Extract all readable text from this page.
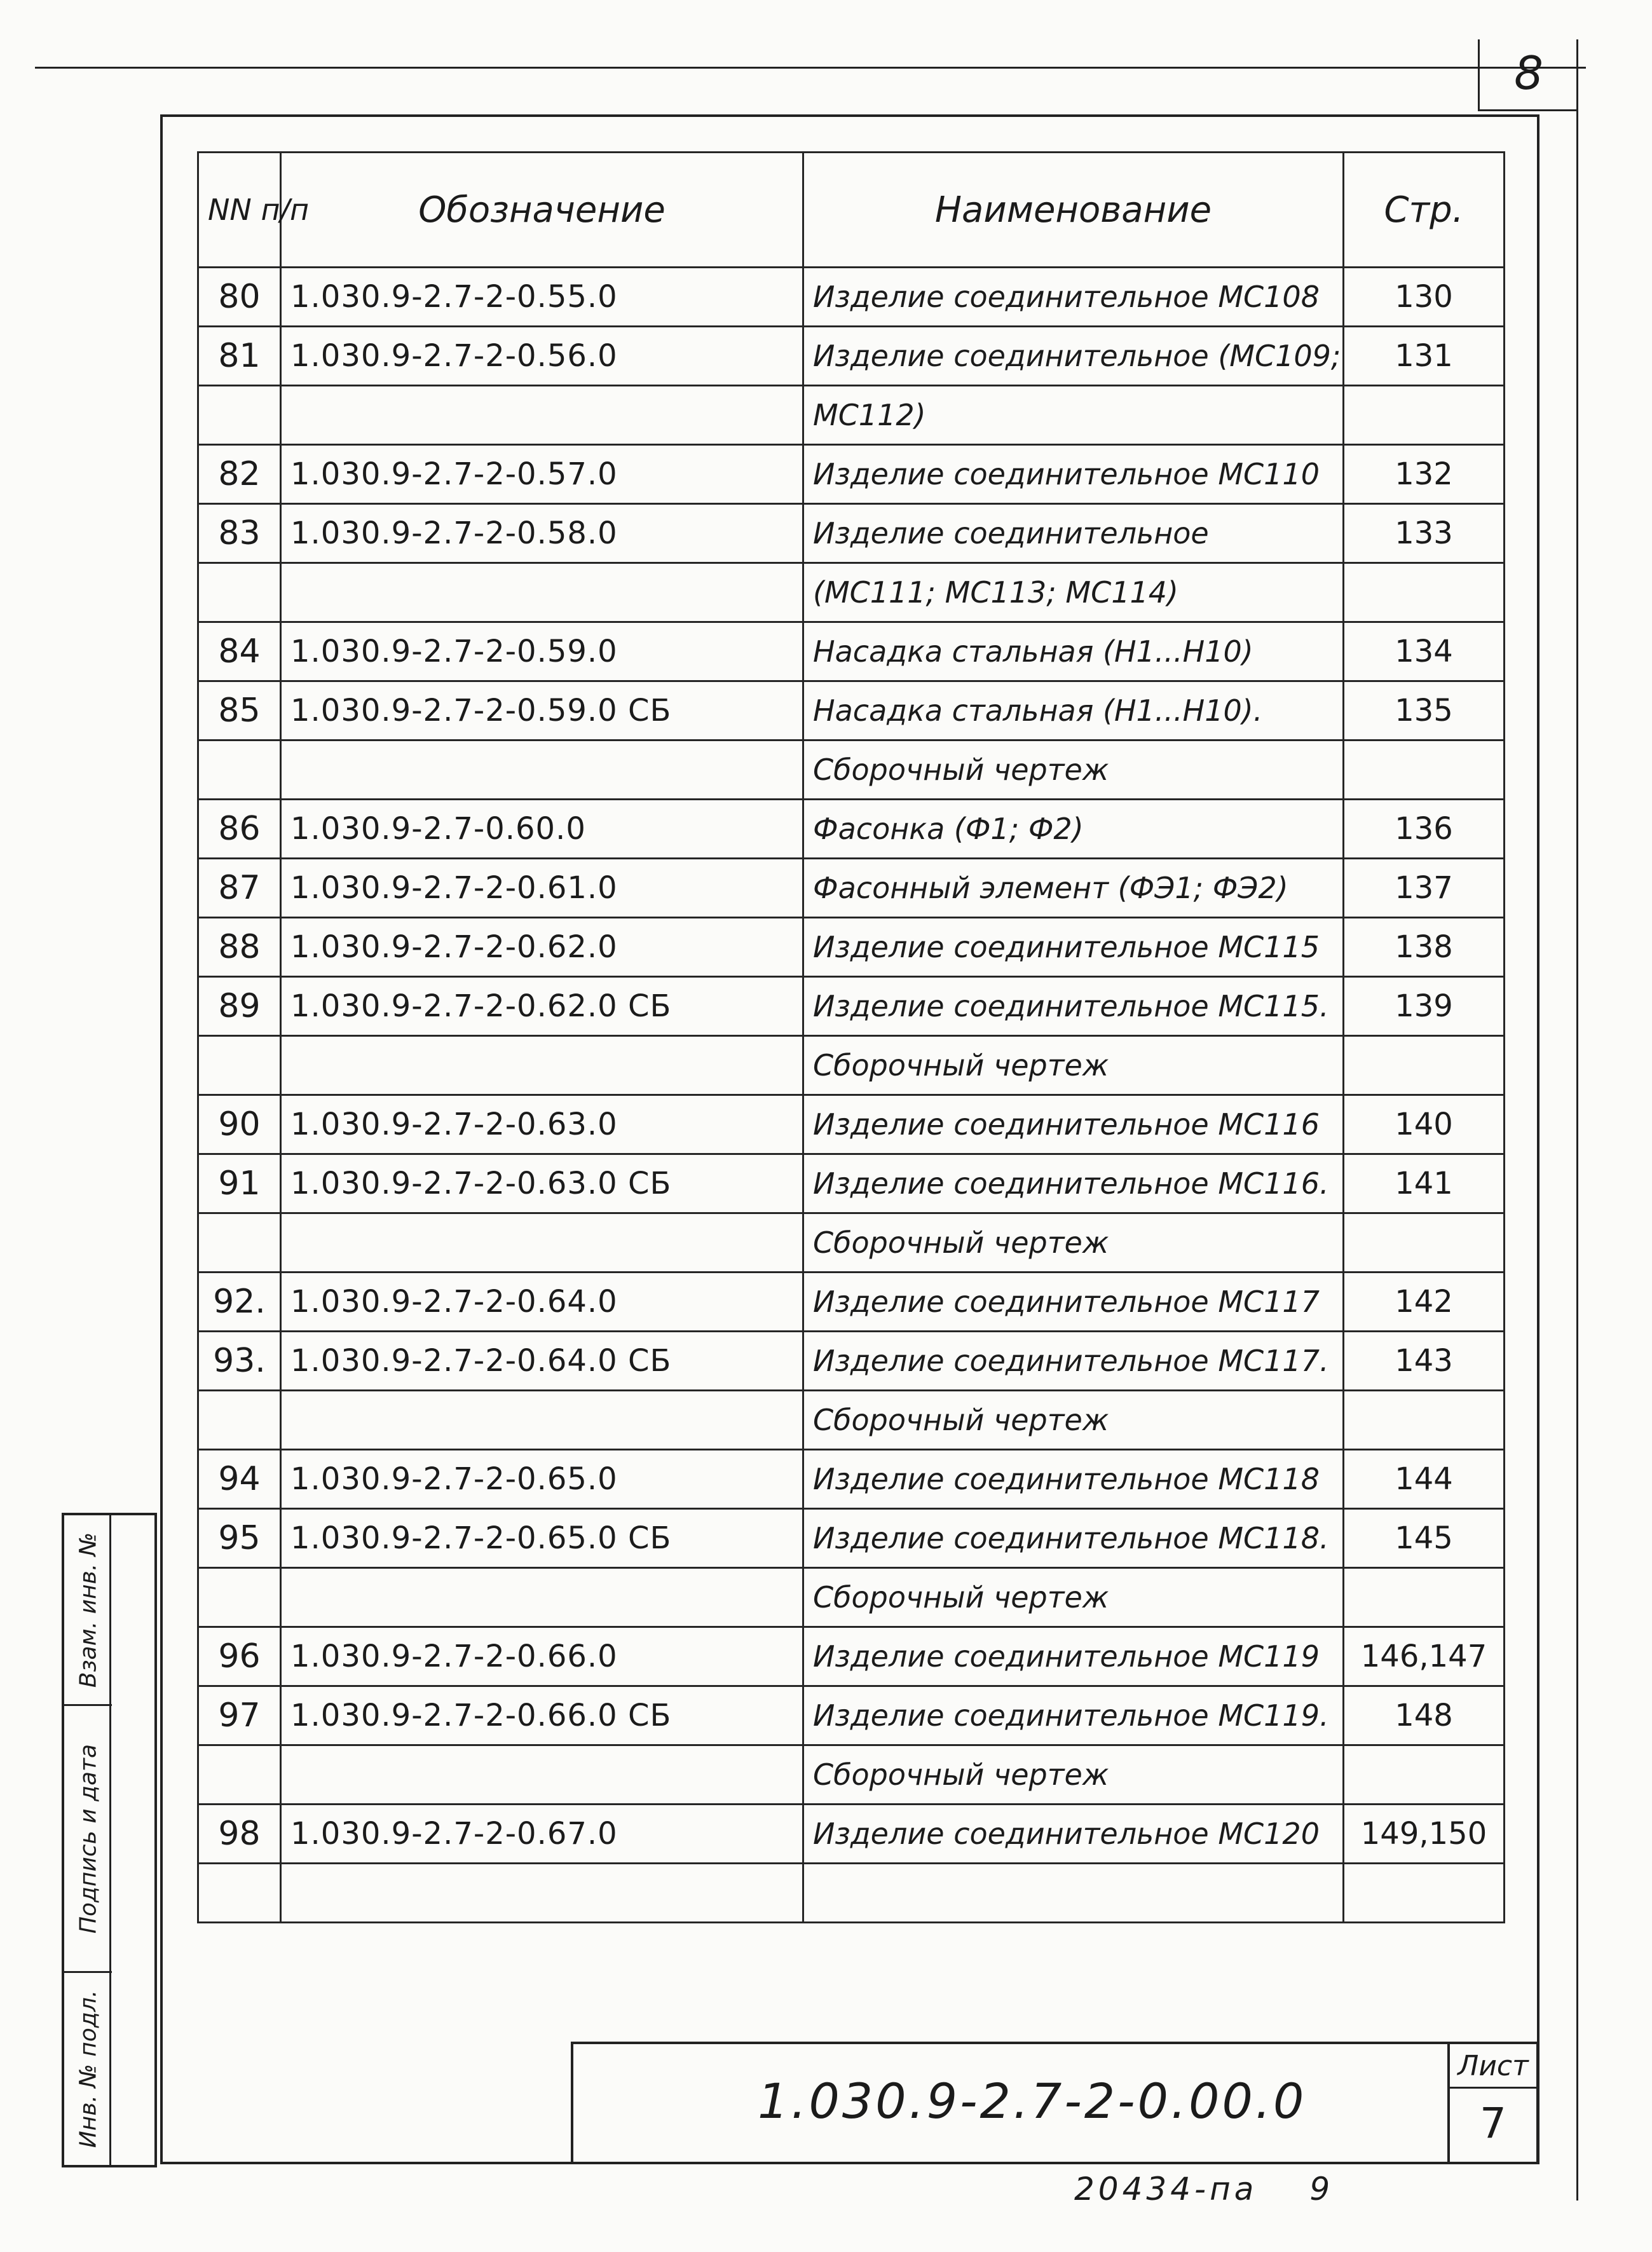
8
NN п/п	Обозначение	Наименование	Стр.
80	1.030.9-2.7-2-0.55.0	Изделие соединительное МС108	130
81	1.030.9-2.7-2-0.56.0	Изделие соединительное (МС109;	131
		МС112)	
82	1.030.9-2.7-2-0.57.0	Изделие соединительное МС110	132
83	1.030.9-2.7-2-0.58.0	Изделие соединительное	133
		(МС111; МС113; МС114)	
84	1.030.9-2.7-2-0.59.0	Насадка стальная (Н1...Н10)	134
85	1.030.9-2.7-2-0.59.0 СБ	Насадка стальная (Н1...Н10).	135
		Сборочный чертеж	
86	1.030.9-2.7-0.60.0	Фасонка (Ф1; Ф2)	136
87	1.030.9-2.7-2-0.61.0	Фасонный элемент (ФЭ1; ФЭ2)	137
88	1.030.9-2.7-2-0.62.0	Изделие соединительное МС115	138
89	1.030.9-2.7-2-0.62.0 СБ	Изделие соединительное МС115.	139
		Сборочный чертеж	
90	1.030.9-2.7-2-0.63.0	Изделие соединительное МС116	140
91	1.030.9-2.7-2-0.63.0 СБ	Изделие соединительное МС116.	141
		Сборочный чертеж	
92.	1.030.9-2.7-2-0.64.0	Изделие соединительное МС117	142
93.	1.030.9-2.7-2-0.64.0 СБ	Изделие соединительное МС117.	143
		Сборочный чертеж	
94	1.030.9-2.7-2-0.65.0	Изделие соединительное МС118	144
95	1.030.9-2.7-2-0.65.0 СБ	Изделие соединительное МС118.	145
		Сборочный чертеж	
96	1.030.9-2.7-2-0.66.0	Изделие соединительное МС119	146,147
97	1.030.9-2.7-2-0.66.0 СБ	Изделие соединительное МС119.	148
		Сборочный чертеж	
98	1.030.9-2.7-2-0.67.0	Изделие соединительное МС120	149,150

Взам. инв. №
Подпись и дата
Инв. № подл.	1.030.9-2.7-2-0.00.0
Лист
7
20434-па 9
